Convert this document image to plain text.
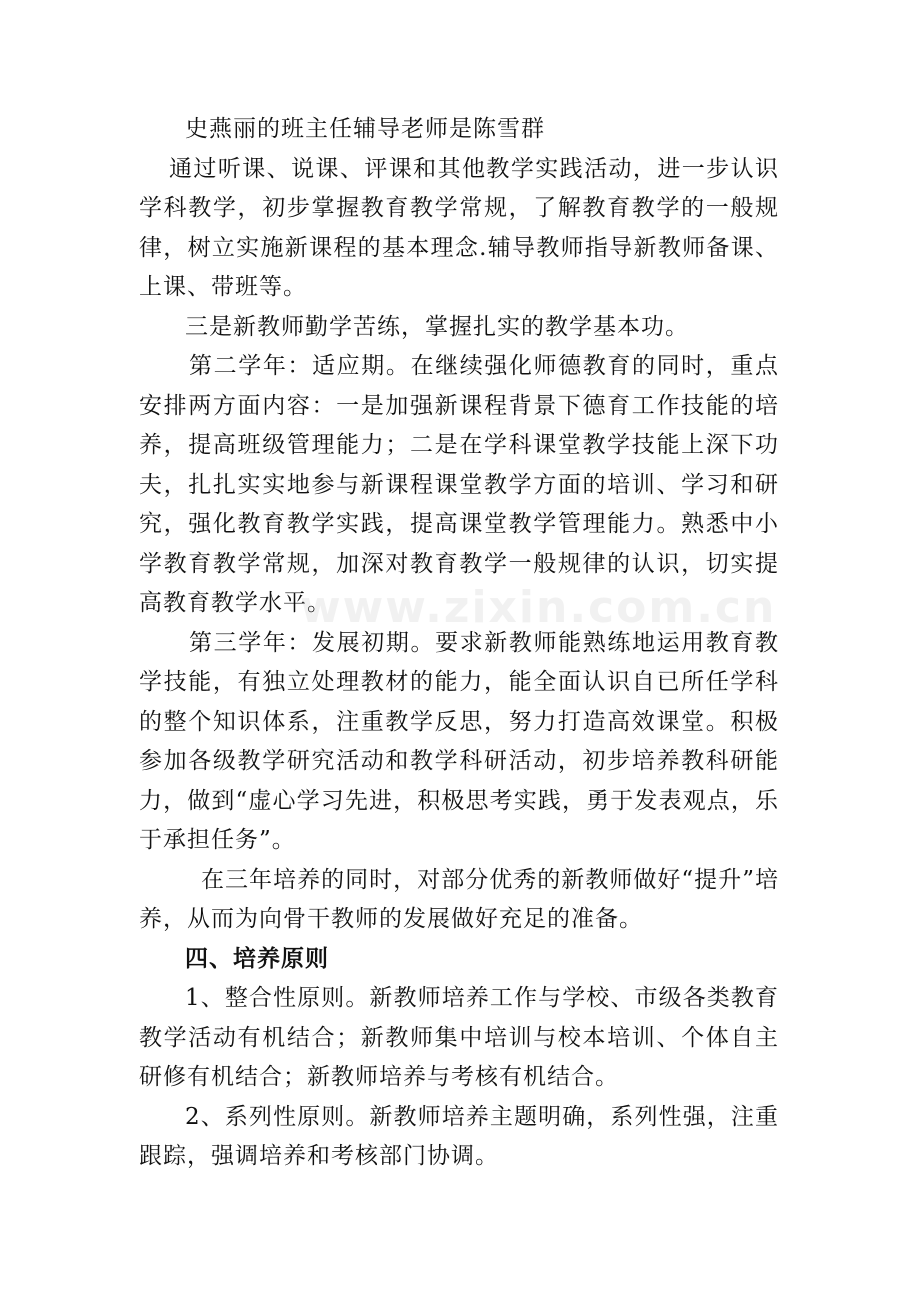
史燕丽的班主任辅导老师是陈雪群

通过听课、说课、评课和其他教学实践活动，进一步认识学科教学，初步掌握教育教学常规，了解教育教学的一般规律，树立实施新课程的基本理念.辅导教师指导新教师备课、上课、带班等。

三是新教师勤学苦练，掌握扎实的教学基本功。

第二学年：适应期。在继续强化师德教育的同时，重点安排两方面内容：一是加强新课程背景下德育工作技能的培养，提高班级管理能力；二是在学科课堂教学技能上深下功夫，扎扎实实地参与新课程课堂教学方面的培训、学习和研究，强化教育教学实践，提高课堂教学管理能力。熟悉中小学教育教学常规，加深对教育教学一般规律的认识，切实提高教育教学水平。

第三学年：发展初期。要求新教师能熟练地运用教育教学技能，有独立处理教材的能力，能全面认识自已所任学科的整个知识体系，注重教学反思，努力打造高效课堂。积极参加各级教学研究活动和教学科研活动，初步培养教科研能力，做到“虚心学习先进，积极思考实践，勇于发表观点，乐于承担任务”。

在三年培养的同时，对部分优秀的新教师做好“提升”培养，从而为向骨干教师的发展做好充足的准备。

四、培养原则

1、整合性原则。新教师培养工作与学校、市级各类教育教学活动有机结合；新教师集中培训与校本培训、个体自主研修有机结合；新教师培养与考核有机结合。

2、系列性原则。新教师培养主题明确，系列性强，注重跟踪，强调培养和考核部门协调。

www.zixin.com.cn
